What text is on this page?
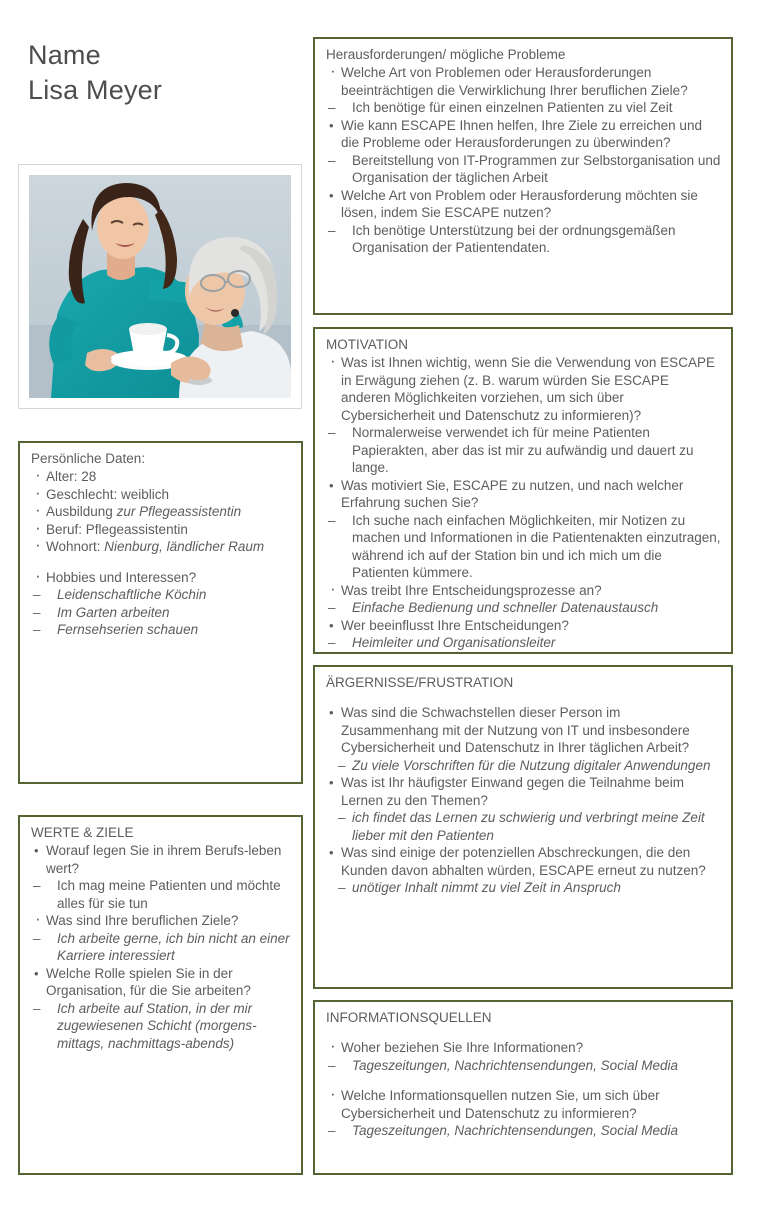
Name
Lisa Meyer
Persönliche Daten:
· Alter: 28
· Geschlecht: weiblich
· Ausbildung zur Pflegeassistentin
· Beruf: Pflegeassistentin
· Wohnort: Nienburg, ländlicher Raum
· Hobbies und Interessen?
– Leidenschaftliche Köchin
– Im Garten arbeiten
– Fernsehserien schauen
WERTE & ZIELE
• Worauf legen Sie in ihrem Berufs-leben wert?
– Ich mag meine Patienten und möchte alles für sie tun
· Was sind Ihre beruflichen Ziele?
– Ich arbeite gerne, ich bin nicht an einer Karriere interessiert
• Welche Rolle spielen Sie in der Organisation, für die Sie arbeiten?
– Ich arbeite auf Station, in der mir zugewiesenen Schicht (morgens-mittags, nachmittags-abends)
Herausforderungen/ mögliche Probleme
· Welche Art von Problemen oder Herausforderungen beeinträchtigen die Verwirklichung Ihrer beruflichen Ziele?
– Ich benötige für einen einzelnen Patienten zu viel Zeit
• Wie kann ESCAPE Ihnen helfen, Ihre Ziele zu erreichen und die Probleme oder Herausforderungen zu überwinden?
– Bereitstellung von IT-Programmen zur Selbstorganisation und Organisation der täglichen Arbeit
• Welche Art von Problem oder Herausforderung möchten sie lösen, indem Sie ESCAPE nutzen?
– Ich benötige Unterstützung bei der ordnungsgemäßen Organisation der Patientendaten.
MOTIVATION
· Was ist Ihnen wichtig, wenn Sie die Verwendung von ESCAPE in Erwägung ziehen (z. B. warum würden Sie ESCAPE anderen Möglichkeiten vorziehen, um sich über Cybersicherheit und Datenschutz zu informieren)?
– Normalerweise verwendet ich für meine Patienten Papierakten, aber das ist mir zu aufwändig und dauert zu lange.
• Was motiviert Sie, ESCAPE zu nutzen, und nach welcher Erfahrung suchen Sie?
– Ich suche nach einfachen Möglichkeiten, mir Notizen zu machen und Informationen in die Patientenakten einzutragen, während ich auf der Station bin und ich mich um die Patienten kümmere.
· Was treibt Ihre Entscheidungsprozesse an?
– Einfache Bedienung und schneller Datenaustausch
• Wer beeinflusst Ihre Entscheidungen?
– Heimleiter und Organisationsleiter
ÄRGERNISSE/FRUSTRATION
• Was sind die Schwachstellen dieser Person im Zusammenhang mit der Nutzung von IT und insbesondere Cybersicherheit und Datenschutz in Ihrer täglichen Arbeit?
– Zu viele Vorschriften für die Nutzung digitaler Anwendungen
• Was ist Ihr häufigster Einwand gegen die Teilnahme beim Lernen zu den Themen?
– ich findet das Lernen zu schwierig und verbringt meine Zeit lieber mit den Patienten
• Was sind einige der potenziellen Abschreckungen, die den Kunden davon abhalten würden, ESCAPE erneut zu nutzen?
– unötiger Inhalt nimmt zu viel Zeit in Anspruch
INFORMATIONSQUELLEN
· Woher beziehen Sie Ihre Informationen?
– Tageszeitungen, Nachrichtensendungen, Social Media
· Welche Informationsquellen nutzen Sie, um sich über Cybersicherheit und Datenschutz zu informieren?
– Tageszeitungen, Nachrichtensendungen, Social Media
